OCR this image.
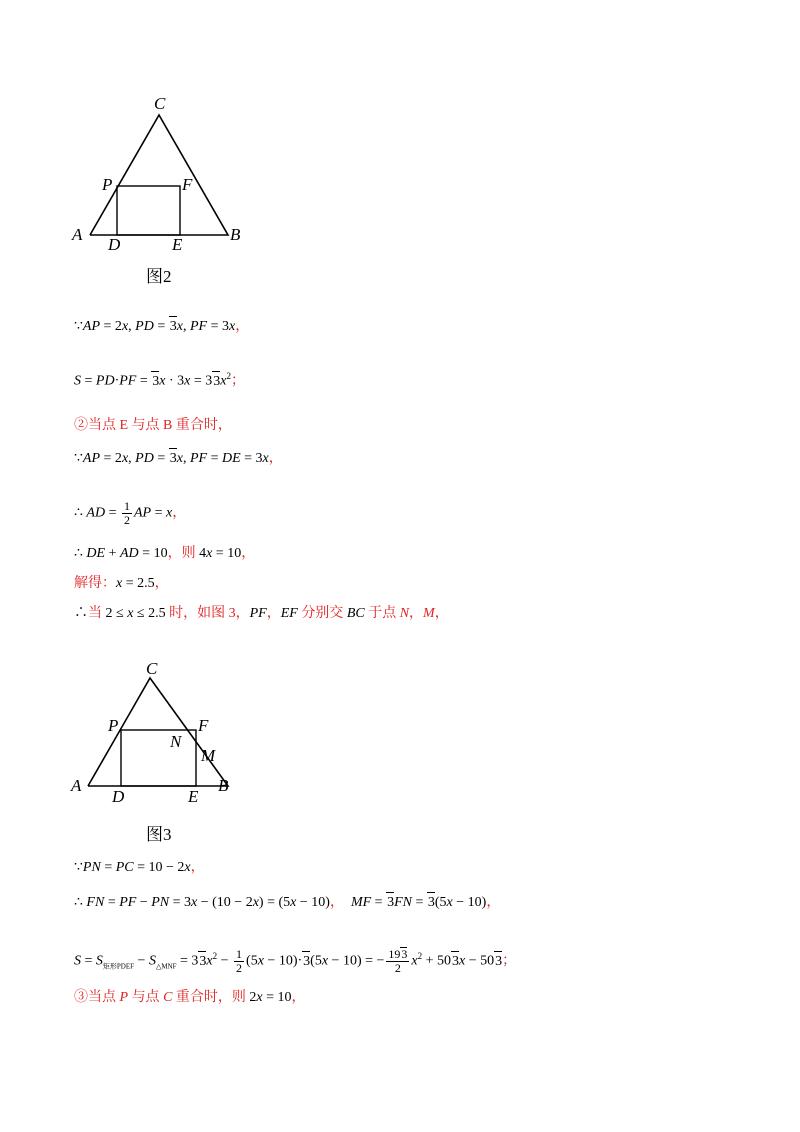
C
P	F
A
D	E
B
图2
∵AP = 2x, PD = 3x, PF = 3x，
$S = PD\cdot PF = 3x \cdot 3x = 33x^2$；
②当点 E 与点 B 重合时，
∵AP = 2x, PD = 3x, PF = DE = 3x，
∴ AD = $\frac{1}{2}$ AP = x，
∴ DE + AD = 10，则 4x = 10，
解得：x = 2.5，
∴当 2 ≤ x ≤ 2.5 时，如图 3，PF，EF 分别交 BC 于点 N，M，
C
P	F
N
M
A
D	E
B
图3
∵PN = PC = 10 − 2x，
∴ FN = PF − PN = 3x − (10 − 2x) = (5x − 10)， MF = 3FN = 3(5x − 10)，
$S = S_{矩形PDEF} - S_{\triangle MNF} = 33x^2 - \frac{1}{2} (5x - 10)\cdot 3(5x - 10)$ = − $\frac{193}{2} x^2 + 503x - 503$；
③当点 P 与点 C 重合时，则 2x = 10，
